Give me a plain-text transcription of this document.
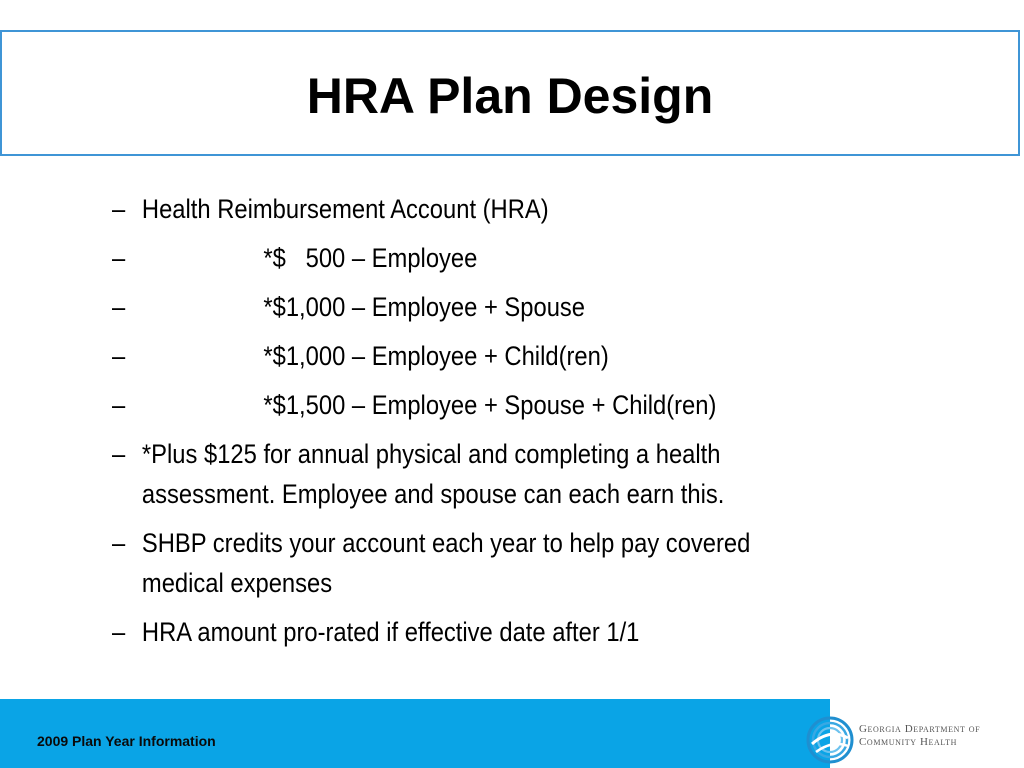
HRA Plan Design
– Health Reimbursement Account (HRA)
–	*$   500 – Employee
–	*$1,000 – Employee + Spouse
–	*$1,000 – Employee + Child(ren)
–	*$1,500 – Employee + Spouse + Child(ren)
– *Plus $125 for annual physical and completing a health assessment. Employee and spouse can each earn this.
– SHBP credits your account each year to help pay covered medical expenses
– HRA amount pro-rated if effective date after 1/1

2009 Plan Year Information

Georgia Department of
Community Health
